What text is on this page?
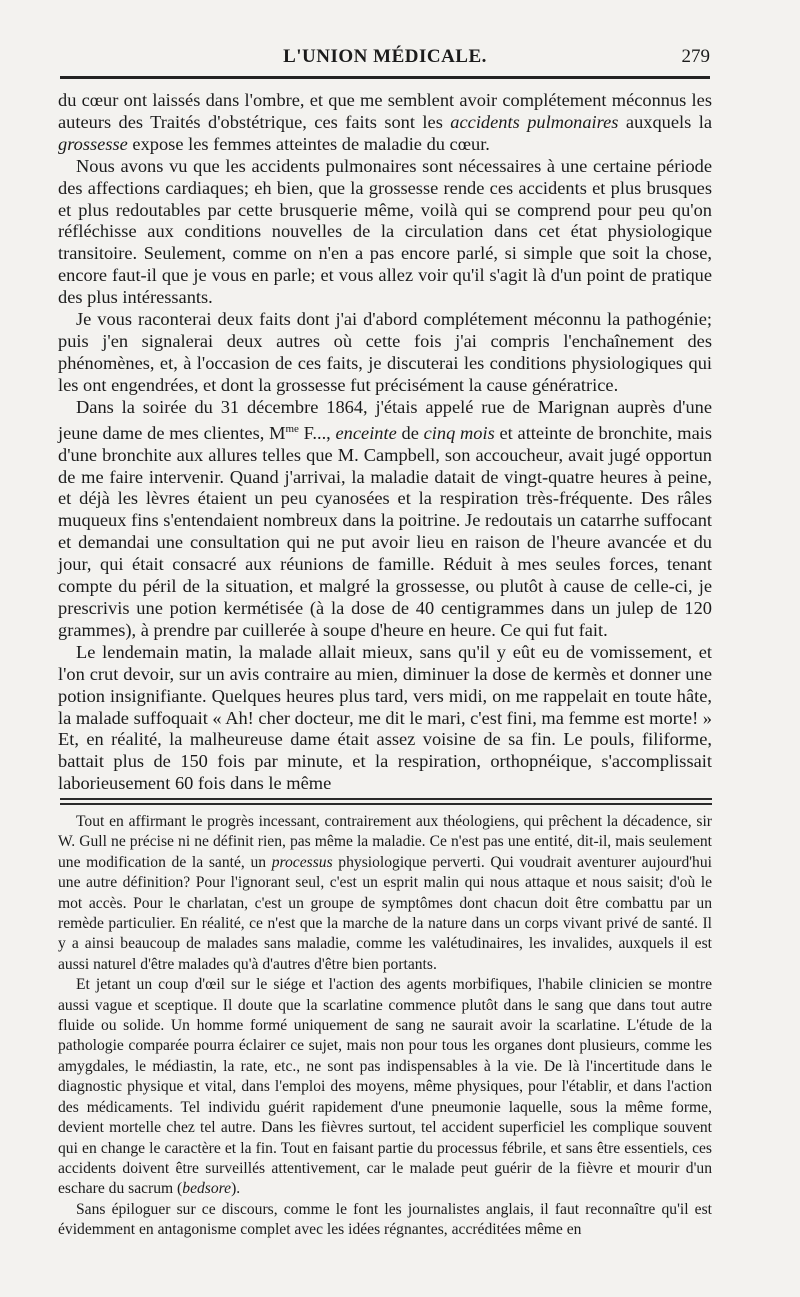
L'UNION MÉDICALE.	279

du cœur ont laissés dans l'ombre, et que me semblent avoir complétement méconnus les auteurs des Traités d'obstétrique, ces faits sont les accidents pulmonaires auxquels la grossesse expose les femmes atteintes de maladie du cœur.

Nous avons vu que les accidents pulmonaires sont nécessaires à une certaine période des affections cardiaques; eh bien, que la grossesse rende ces accidents et plus brusques et plus redoutables par cette brusquerie même, voilà qui se comprend pour peu qu'on réfléchisse aux conditions nouvelles de la circulation dans cet état physiologique transitoire. Seulement, comme on n'en a pas encore parlé, si simple que soit la chose, encore faut-il que je vous en parle; et vous allez voir qu'il s'agit là d'un point de pratique des plus intéressants.

Je vous raconterai deux faits dont j'ai d'abord complétement méconnu la pathogénie; puis j'en signalerai deux autres où cette fois j'ai compris l'enchaînement des phénomènes, et, à l'occasion de ces faits, je discuterai les conditions physiologiques qui les ont engendrées, et dont la grossesse fut précisément la cause génératrice.

Dans la soirée du 31 décembre 1864, j'étais appelé rue de Marignan auprès d'une jeune dame de mes clientes, $M^{me}$ F..., enceinte de cinq mois et atteinte de bronchite, mais d'une bronchite aux allures telles que M. Campbell, son accoucheur, avait jugé opportun de me faire intervenir. Quand j'arrivai, la maladie datait de vingt-quatre heures à peine, et déjà les lèvres étaient un peu cyanosées et la respiration très-fréquente. Des râles muqueux fins s'entendaient nombreux dans la poitrine. Je redoutais un catarrhe suffocant et demandai une consultation qui ne put avoir lieu en raison de l'heure avancée et du jour, qui était consacré aux réunions de famille. Réduit à mes seules forces, tenant compte du péril de la situation, et malgré la grossesse, ou plutôt à cause de celle-ci, je prescrivis une potion kermétisée (à la dose de 40 centigrammes dans un julep de 120 grammes), à prendre par cuillerée à soupe d'heure en heure. Ce qui fut fait.

Le lendemain matin, la malade allait mieux, sans qu'il y eût eu de vomissement, et l'on crut devoir, sur un avis contraire au mien, diminuer la dose de kermès et donner une potion insignifiante. Quelques heures plus tard, vers midi, on me rappelait en toute hâte, la malade suffoquait « Ah! cher docteur, me dit le mari, c'est fini, ma femme est morte! » Et, en réalité, la malheureuse dame était assez voisine de sa fin. Le pouls, filiforme, battait plus de 150 fois par minute, et la respiration, orthopnéique, s'accomplissait laborieusement 60 fois dans le même

Tout en affirmant le progrès incessant, contrairement aux théologiens, qui prêchent la décadence, sir W. Gull ne précise ni ne définit rien, pas même la maladie. Ce n'est pas une entité, dit-il, mais seulement une modification de la santé, un processus physiologique perverti. Qui voudrait aventurer aujourd'hui une autre définition? Pour l'ignorant seul, c'est un esprit malin qui nous attaque et nous saisit; d'où le mot accès. Pour le charlatan, c'est un groupe de symptômes dont chacun doit être combattu par un remède particulier. En réalité, ce n'est que la marche de la nature dans un corps vivant privé de santé. Il y a ainsi beaucoup de malades sans maladie, comme les valétudinaires, les invalides, auxquels il est aussi naturel d'être malades qu'à d'autres d'être bien portants.

Et jetant un coup d'œil sur le siége et l'action des agents morbifiques, l'habile clinicien se montre aussi vague et sceptique. Il doute que la scarlatine commence plutôt dans le sang que dans tout autre fluide ou solide. Un homme formé uniquement de sang ne saurait avoir la scarlatine. L'étude de la pathologie comparée pourra éclairer ce sujet, mais non pour tous les organes dont plusieurs, comme les amygdales, le médiastin, la rate, etc., ne sont pas indispensables à la vie. De là l'incertitude dans le diagnostic physique et vital, dans l'emploi des moyens, même physiques, pour l'établir, et dans l'action des médicaments. Tel individu guérit rapidement d'une pneumonie laquelle, sous la même forme, devient mortelle chez tel autre. Dans les fièvres surtout, tel accident superficiel les complique souvent qui en change le caractère et la fin. Tout en faisant partie du processus fébrile, et sans être essentiels, ces accidents doivent être surveillés attentivement, car le malade peut guérir de la fièvre et mourir d'un eschare du sacrum (bedsore).

Sans épiloguer sur ce discours, comme le font les journalistes anglais, il faut reconnaître qu'il est évidemment en antagonisme complet avec les idées régnantes, accréditées même en
